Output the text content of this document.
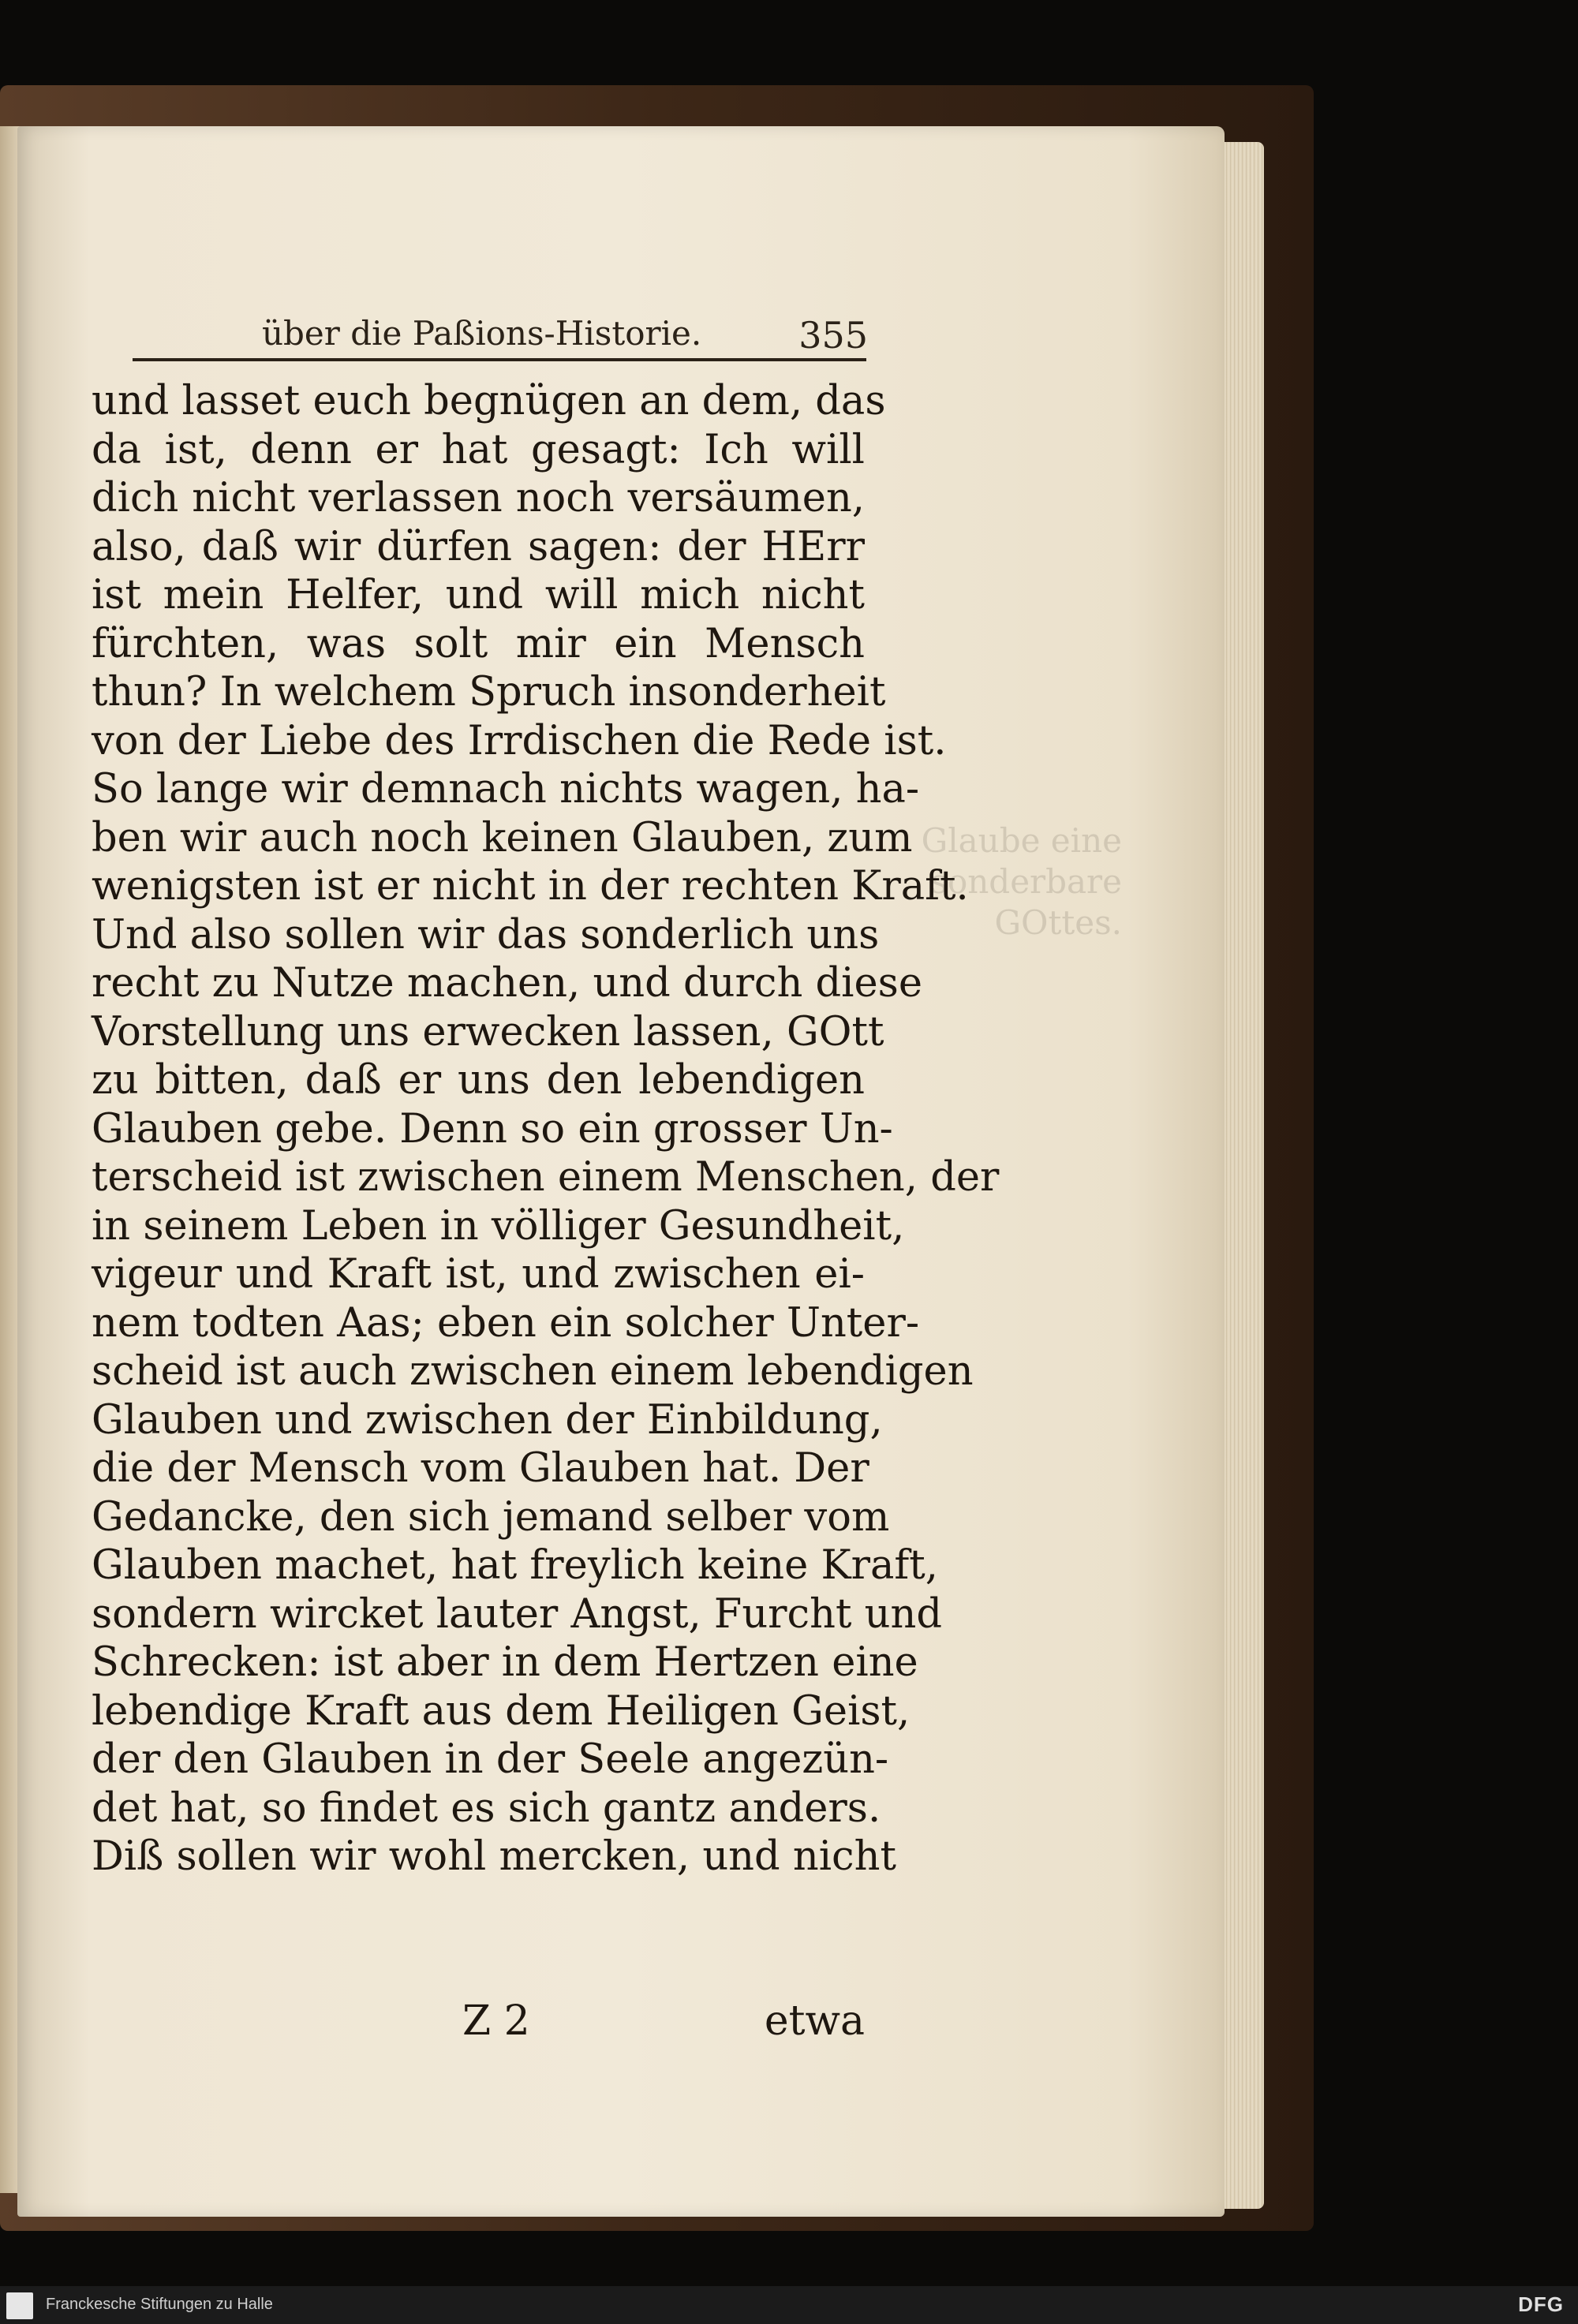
Glaube eine
sonderbare
GOttes.
über die Paßions-Historie.	355
und lasset euch begnügen an dem, das
da ist, denn er hat gesagt: Ich will
dich nicht verlassen noch versäumen,
also, daß wir dürfen sagen: der HErr
ist mein Helfer, und will mich nicht
fürchten, was solt mir ein Mensch
thun? In welchem Spruch insonderheit
von der Liebe des Irrdischen die Rede ist.
So lange wir demnach nichts wagen, ha-
ben wir auch noch keinen Glauben, zum
wenigsten ist er nicht in der rechten Kraft.
Und also sollen wir das sonderlich uns
recht zu Nutze machen, und durch diese
Vorstellung uns erwecken lassen, GOtt
zu bitten, daß er uns den lebendigen
Glauben gebe. Denn so ein grosser Un-
terscheid ist zwischen einem Menschen, der
in seinem Leben in völliger Gesundheit,
vigeur und Kraft ist, und zwischen ei-
nem todten Aas; eben ein solcher Unter-
scheid ist auch zwischen einem lebendigen
Glauben und zwischen der Einbildung,
die der Mensch vom Glauben hat. Der
Gedancke, den sich jemand selber vom
Glauben machet, hat freylich keine Kraft,
sondern wircket lauter Angst, Furcht und
Schrecken: ist aber in dem Hertzen eine
lebendige Kraft aus dem Heiligen Geist,
der den Glauben in der Seele angezün-
det hat, so findet es sich gantz anders.
Diß sollen wir wohl mercken, und nicht
Z 2	etwa
Franckesche Stiftungen zu Halle	DFG
